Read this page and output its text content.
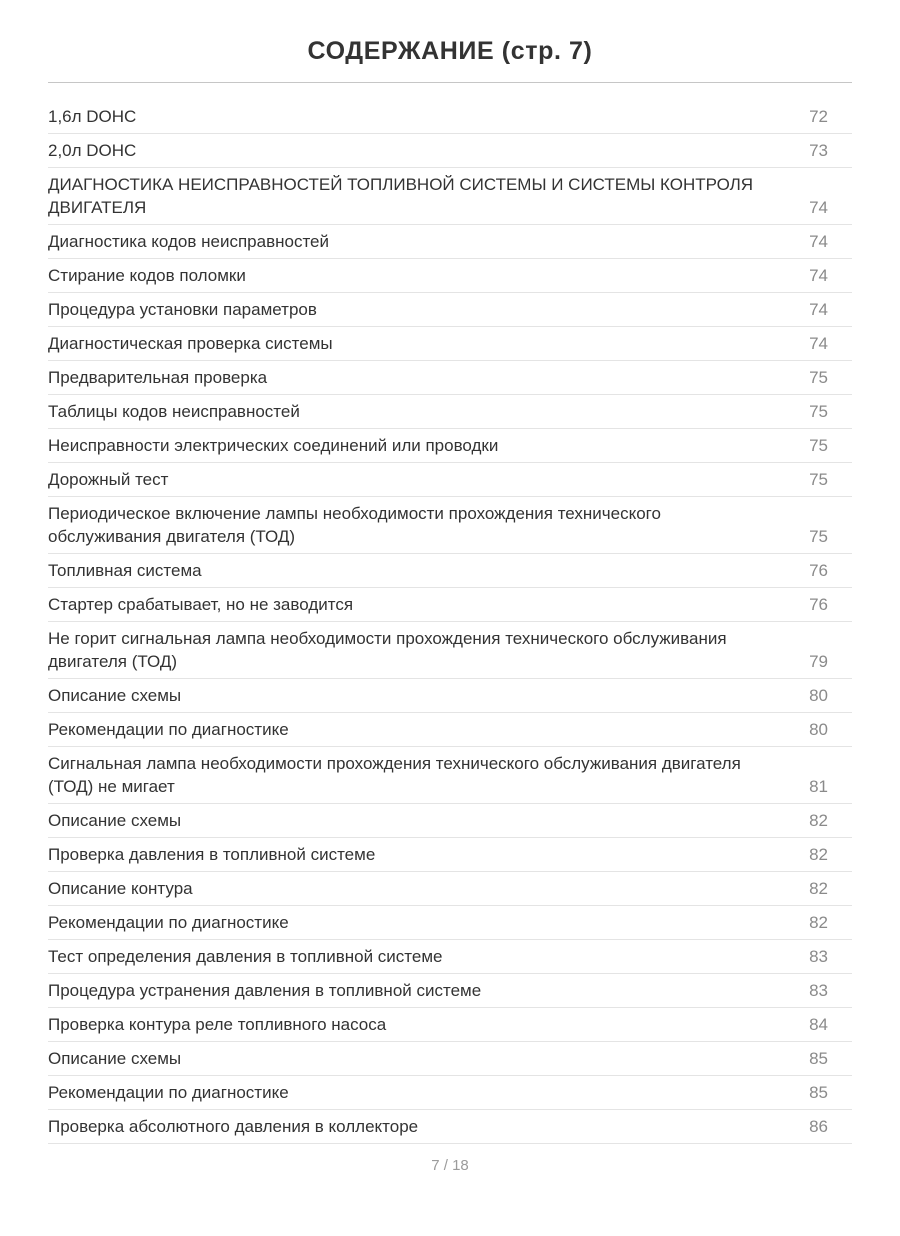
СОДЕРЖАНИЕ (стр. 7)
1,6л DOHC	72
2,0л DOHC	73
ДИАГНОСТИКА НЕИСПРАВНОСТЕЙ ТОПЛИВНОЙ СИСТЕМЫ И СИСТЕМЫ КОНТРОЛЯ ДВИГАТЕЛЯ	74
Диагностика кодов неисправностей	74
Стирание кодов поломки	74
Процедура установки параметров	74
Диагностическая проверка системы	74
Предварительная проверка	75
Таблицы кодов неисправностей	75
Неисправности электрических соединений или проводки	75
Дорожный тест	75
Периодическое включение лампы необходимости прохождения технического обслуживания двигателя (ТОД)	75
Топливная система	76
Стартер срабатывает, но не заводится	76
Не горит сигнальная лампа необходимости прохождения технического обслуживания двигателя (ТОД)	79
Описание схемы	80
Рекомендации по диагностике	80
Сигнальная лампа необходимости прохождения технического обслуживания двигателя (ТОД) не мигает	81
Описание схемы	82
Проверка давления в топливной системе	82
Описание контура	82
Рекомендации по диагностике	82
Тест определения давления в топливной системе	83
Процедура устранения давления в топливной системе	83
Проверка контура реле топливного насоса	84
Описание схемы	85
Рекомендации по диагностике	85
Проверка абсолютного давления в коллекторе	86
7 / 18
